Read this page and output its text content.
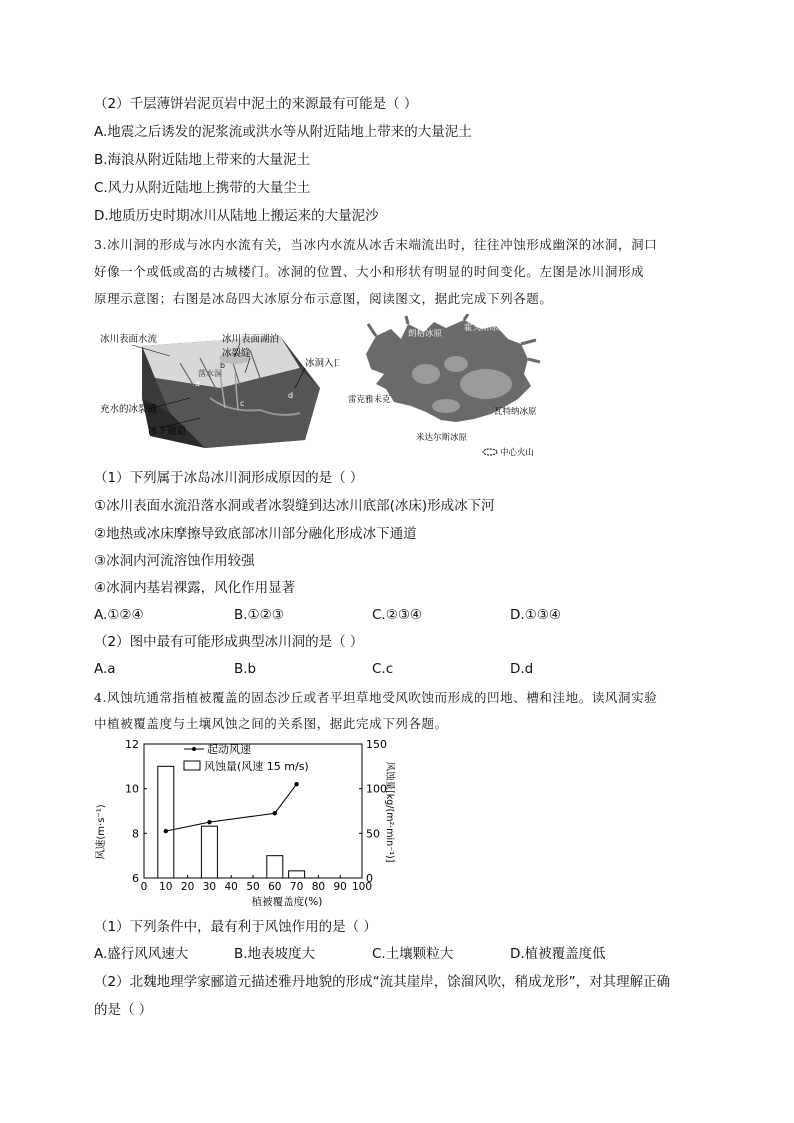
（2）千层薄饼岩泥页岩中泥土的来源最有可能是（ ）
A.地震之后诱发的泥浆流或洪水等从附近陆地上带来的大量泥土
B.海浪从附近陆地上带来的大量泥土
C.风力从附近陆地上携带的大量尘土
D.地质历史时期冰川从陆地上搬运来的大量泥沙
3.冰川洞的形成与冰内水流有关，当冰内水流从冰舌末端流出时，往往冲蚀形成幽深的冰洞，洞口
好像一个或低或高的古城楼门。冰洞的位置、大小和形状有明显的时间变化。左图是冰川洞形成
原理示意图；右图是冰岛四大冰原分布示意图，阅读图文，据此完成下列各题。
冰川表面水流	冰川表面湖泊
冰裂缝
冰洞入口
充水的冰裂缝
冰下通道
落水洞
a
b
c
d
朗格冰原
霍夫斯冰原
雷克雅未克
瓦特纳冰原
米达尔斯冰原
中心火山
（1）下列属于冰岛冰川洞形成原因的是（ ）
①冰川表面水流沿落水洞或者冰裂缝到达冰川底部(冰床)形成冰下河
②地热或冰床摩擦导致底部冰川部分融化形成冰下通道
③冰洞内河流溶蚀作用较强
④冰洞内基岩裸露，风化作用显著
A.①②④	B.①②③	C.②③④	D.①③④
（2）图中最有可能形成典型冰川洞的是（ ）
A.a	B.b	C.c	D.d
4.风蚀坑通常指植被覆盖的固态沙丘或者平坦草地受风吹蚀而形成的凹地、槽和洼地。读风洞实验
中植被覆盖度与土壤风蚀之间的关系图，据此完成下列各题。
0 10 20 30 40 50 60 70 80 90 100
6
8
10
12
0
50
100
150
植被覆盖度(%)
风速(m·s⁻¹)	风蚀量[kg/(m²·min⁻¹)]
起动风速
风蚀量(风速 15 m/s)
（1）下列条件中，最有利于风蚀作用的是（ ）
A.盛行风风速大	B.地表坡度大	C.土壤颗粒大	D.植被覆盖度低
（2）北魏地理学家郦道元描述雅丹地貌的形成“流其崖岸，馀溜风吹，稍成龙形”，对其理解正确
的是（ ）
